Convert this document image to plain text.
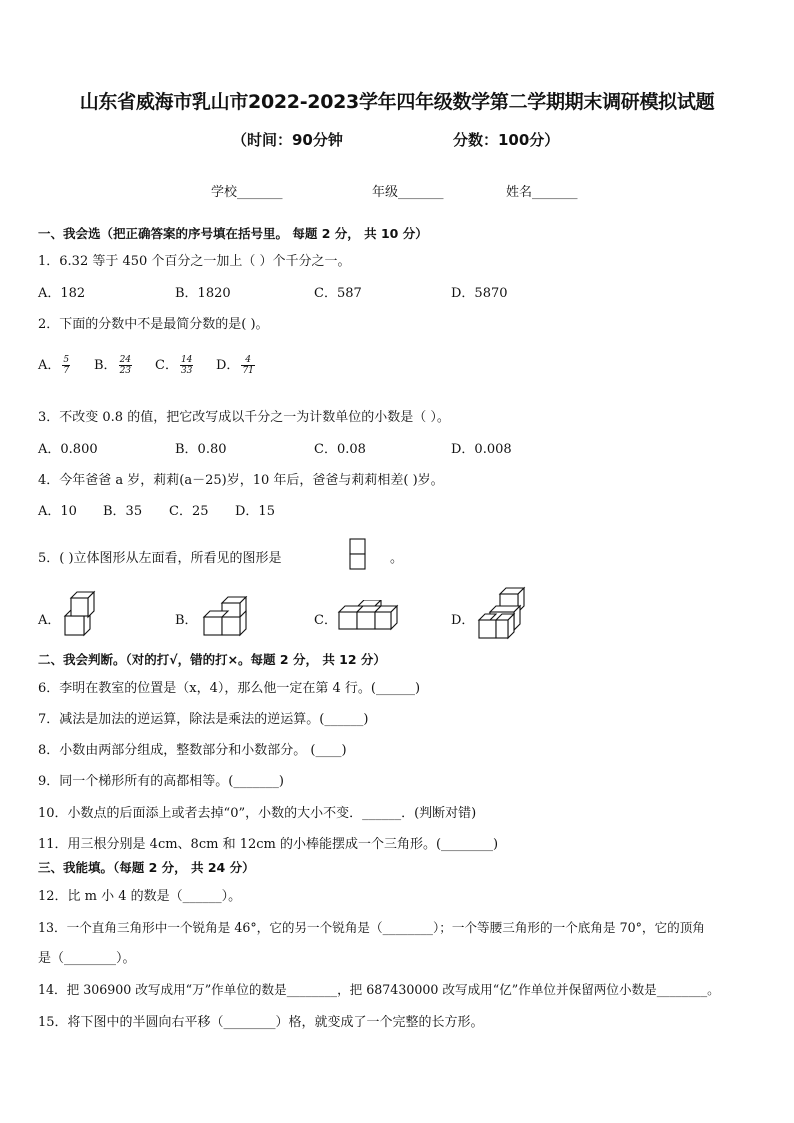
山东省威海市乳山市2022-2023学年四年级数学第二学期期末调研模拟试题
（时间：90分钟	分数：100分）
学校_______	年级_______	姓名_______
一、我会选（把正确答案的序号填在括号里。 每题 2 分， 共 10 分）
1．6.32 等于 450 个百分之一加上（ ）个千分之一。
A．182	B．1820	C．587	D．5870
2．下面的分数中不是最简分数的是( )。
A． $\frac{5}{7}$ B． $\frac{24}{23}$ C． $\frac{14}{33}$ D． $\frac{4}{71}$
3．不改变 0.8 的值，把它改写成以千分之一为计数单位的小数是（ ）。
A．0.800	B．0.80	C．0.08	D．0.008
4．今年爸爸 a 岁，莉莉(a－25)岁，10 年后，爸爸与莉莉相差( )岁。
A．10 B．35 C．25 D．15
5．( )立体图形从左面看，所看见的图形是	。
A．	B．	C．	D．
二、我会判断。（对的打√，错的打×。每题 2 分， 共 12 分）
6．李明在教室的位置是（x，4），那么他一定在第 4 行。(______)
7．减法是加法的逆运算，除法是乘法的逆运算。(______)
8．小数由两部分组成，整数部分和小数部分。 (____)
9．同一个梯形所有的高都相等。(_______)
10．小数点的后面添上或者去掉“0”，小数的大小不变．______．(判断对错)
11．用三根分别是 4cm、8cm 和 12cm 的小棒能摆成一个三角形。(________)
三、我能填。（每题 2 分， 共 24 分）
12．比 m 小 4 的数是（______）。
13．一个直角三角形中一个锐角是 46°，它的另一个锐角是（________）；一个等腰三角形的一个底角是 70°，它的顶角
是（________）。
14．把 306900 改写成用“万”作单位的数是________，把 687430000 改写成用“亿”作单位并保留两位小数是________。
15．将下图中的半圆向右平移（________）格，就变成了一个完整的长方形。
